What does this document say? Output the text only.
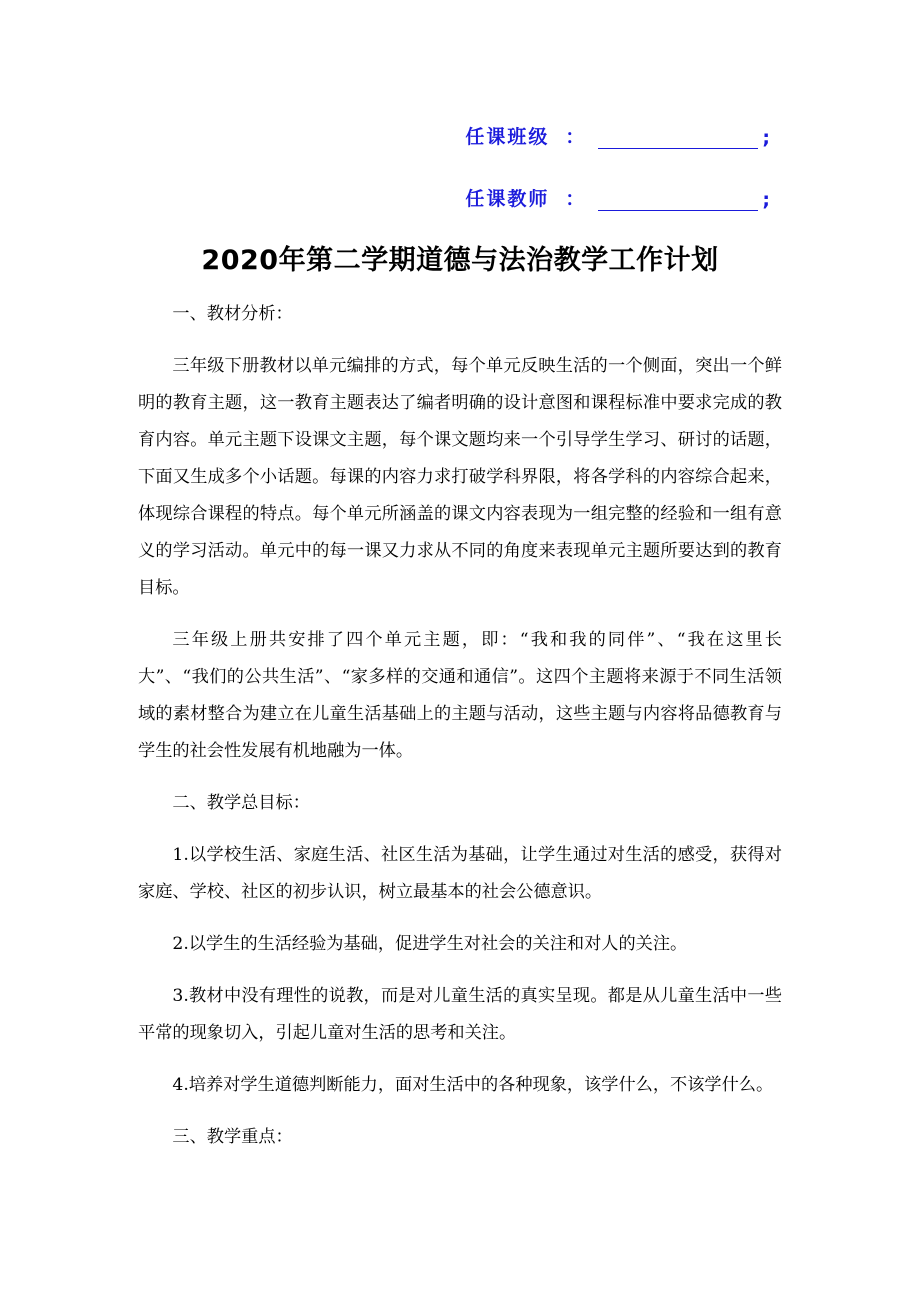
任课班级 ：	;
任课教师 ：	;
2020年第二学期道德与法治教学工作计划

一、教材分析：

三年级下册教材以单元编排的方式，每个单元反映生活的一个侧面，突出一个鲜明的教育主题，这一教育主题表达了编者明确的设计意图和课程标准中要求完成的教育内容。单元主题下设课文主题，每个课文题均来一个引导学生学习、研讨的话题，下面又生成多个小话题。每课的内容力求打破学科界限，将各学科的内容综合起来，体现综合课程的特点。每个单元所涵盖的课文内容表现为一组完整的经验和一组有意义的学习活动。单元中的每一课又力求从不同的角度来表现单元主题所要达到的教育目标。

三年级上册共安排了四个单元主题，即：“我和我的同伴”、“我在这里长大”、“我们的公共生活”、“家多样的交通和通信”。这四个主题将来源于不同生活领域的素材整合为建立在儿童生活基础上的主题与活动，这些主题与内容将品德教育与学生的社会性发展有机地融为一体。

二、教学总目标：

1.以学校生活、家庭生活、社区生活为基础，让学生通过对生活的感受，获得对家庭、学校、社区的初步认识，树立最基本的社会公德意识。

2.以学生的生活经验为基础，促进学生对社会的关注和对人的关注。

3.教材中没有理性的说教，而是对儿童生活的真实呈现。都是从儿童生活中一些平常的现象切入，引起儿童对生活的思考和关注。

4.培养对学生道德判断能力，面对生活中的各种现象，该学什么，不该学什么。

三、教学重点：
